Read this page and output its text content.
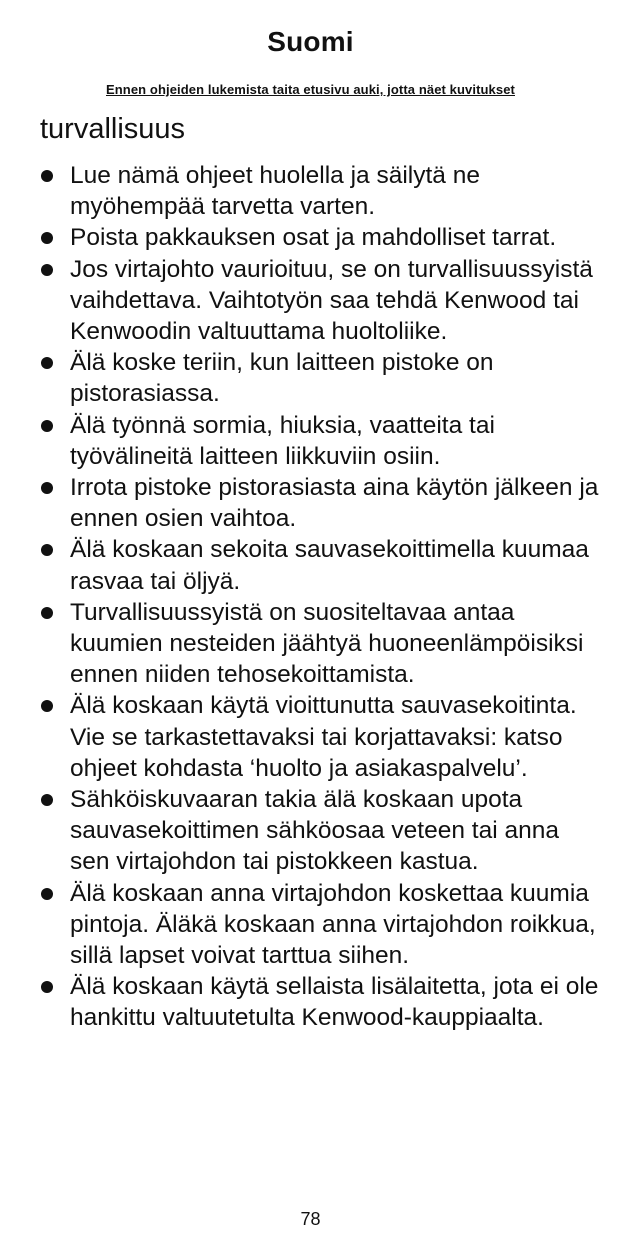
Suomi
Ennen ohjeiden lukemista taita etusivu auki, jotta näet kuvitukset
turvallisuus
Lue nämä ohjeet huolella ja säilytä ne myöhempää tarvetta varten.
Poista pakkauksen osat ja mahdolliset tarrat.
Jos virtajohto vaurioituu, se on turvallisuussyistä vaihdettava. Vaihtotyön saa tehdä Kenwood tai Kenwoodin valtuuttama huoltoliike.
Älä koske teriin, kun laitteen pistoke on pistorasiassa.
Älä työnnä sormia, hiuksia, vaatteita tai työvälineitä laitteen liikkuviin osiin.
Irrota pistoke pistorasiasta aina käytön jälkeen ja ennen osien vaihtoa.
Älä koskaan sekoita sauvasekoittimella kuumaa rasvaa tai öljyä.
Turvallisuussyistä on suositeltavaa antaa kuumien nesteiden jäähtyä huoneenlämpöisiksi ennen niiden tehosekoittamista.
Älä koskaan käytä vioittunutta sauvasekoitinta. Vie se tarkastettavaksi tai korjattavaksi: katso ohjeet kohdasta ‘huolto ja asiakaspalvelu’.
Sähköiskuvaaran takia älä koskaan upota sauvasekoittimen sähköosaa veteen tai anna sen virtajohdon tai pistokkeen kastua.
Älä koskaan anna virtajohdon koskettaa kuumia pintoja. Äläkä koskaan anna virtajohdon roikkua, sillä lapset voivat tarttua siihen.
Älä koskaan käytä sellaista lisälaitetta, jota ei ole hankittu valtuutetulta Kenwood-kauppiaalta.
78
